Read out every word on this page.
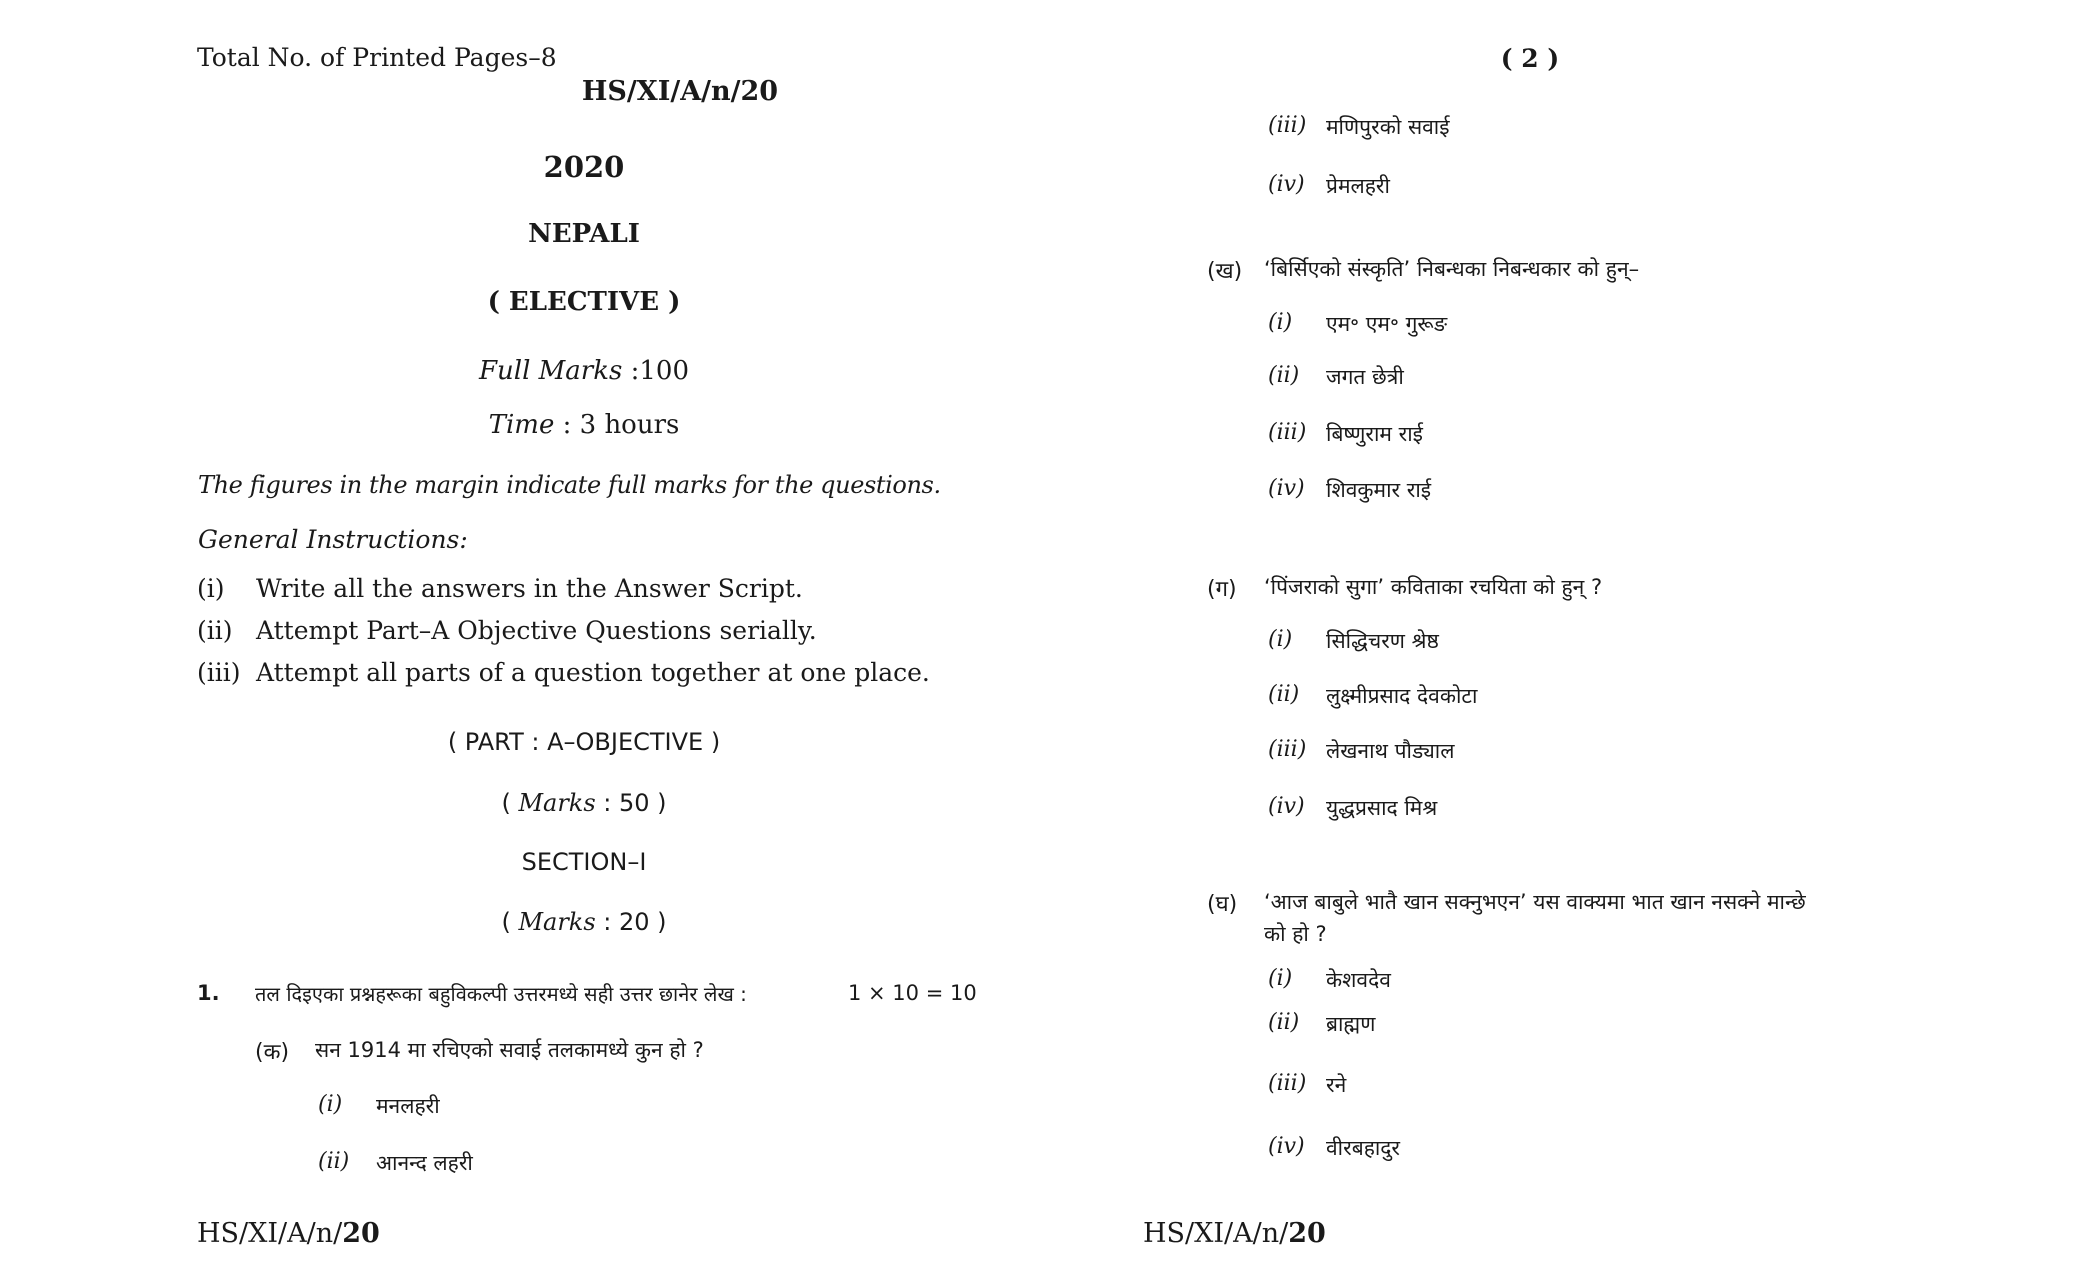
Total No. of Printed Pages–8
HS/XI/A/n/20
2020
NEPALI
( ELECTIVE )
Full Marks :100
Time : 3 hours
The figures in the margin indicate full marks for the questions.
General Instructions:
(i) Write all the answers in the Answer Script.
(ii) Attempt Part–A Objective Questions serially.
(iii) Attempt all parts of a question together at one place.
( PART : A–OBJECTIVE )
( Marks : 50 )
SECTION–I
( Marks : 20 )
1. तल दिइएका प्रश्नहरूका बहुविकल्पी उत्तरमध्ये सही उत्तर छानेर लेख :	1 × 10 = 10
(क) सन 1914 मा रचिएको सवाई तलकामध्ये कुन हो ?
(i) मनलहरी
(ii) आनन्द लहरी
HS/XI/A/n/20
( 2 )
(iii) मणिपुरको सवाई
(iv) प्रेमलहरी
(ख) ‘बिर्सिएको संस्कृति’ निबन्धका निबन्धकार को हुन्–
(i) एम॰ एम॰ गुरूङ
(ii) जगत छेत्री
(iii) बिष्णुराम राई
(iv) शिवकुमार राई
(ग) ‘पिंजराको सुगा’ कविताका रचयिता को हुन् ?
(i) सिद्धिचरण श्रेष्ठ
(ii) लुक्ष्मीप्रसाद देवकोटा
(iii) लेखनाथ पौड्याल
(iv) युद्धप्रसाद मिश्र
(घ) ‘आज बाबुले भातै खान सक्नुभएन’ यस वाक्यमा भात खान नसक्ने मान्छे
को हो ?
(i) केशवदेव
(ii) ब्राह्मण
(iii) रने
(iv) वीरबहादुर
HS/XI/A/n/20
